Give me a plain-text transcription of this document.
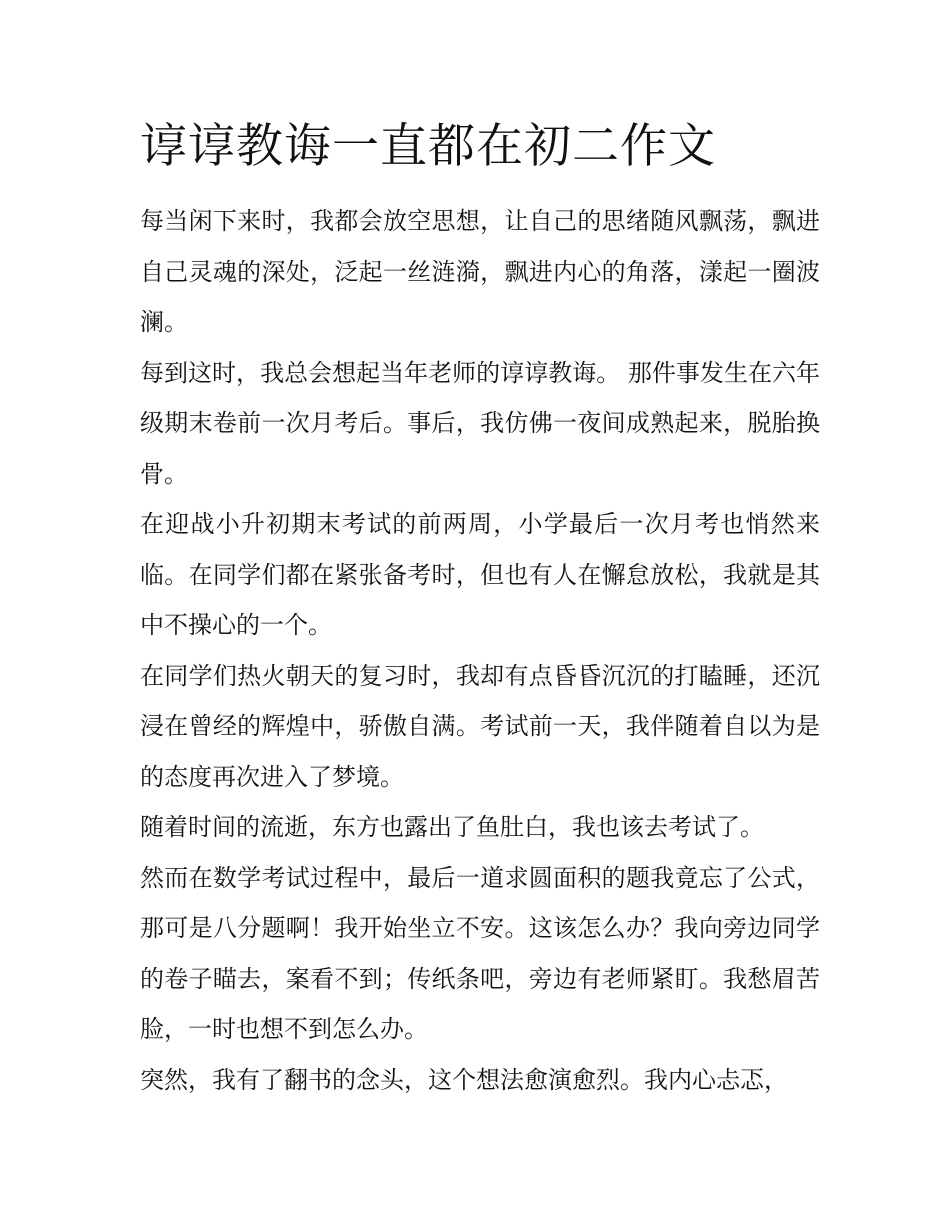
谆谆教诲一直都在初二作文

每当闲下来时，我都会放空思想，让自己的思绪随风飘荡，飘进自己灵魂的深处，泛起一丝涟漪，飘进内心的角落，漾起一圈波澜。

每到这时，我总会想起当年老师的谆谆教诲。 那件事发生在六年级期末卷前一次月考后。事后，我仿佛一夜间成熟起来，脱胎换骨。

在迎战小升初期末考试的前两周，小学最后一次月考也悄然来临。在同学们都在紧张备考时，但也有人在懈怠放松，我就是其中不操心的一个。

在同学们热火朝天的复习时，我却有点昏昏沉沉的打瞌睡，还沉浸在曾经的辉煌中，骄傲自满。考试前一天，我伴随着自以为是的态度再次进入了梦境。

随着时间的流逝，东方也露出了鱼肚白，我也该去考试了。

然而在数学考试过程中，最后一道求圆面积的题我竟忘了公式，那可是八分题啊！我开始坐立不安。这该怎么办？我向旁边同学的卷子瞄去，案看不到；传纸条吧，旁边有老师紧盯。我愁眉苦脸，一时也想不到怎么办。

突然，我有了翻书的念头，这个想法愈演愈烈。我内心忐忑，
